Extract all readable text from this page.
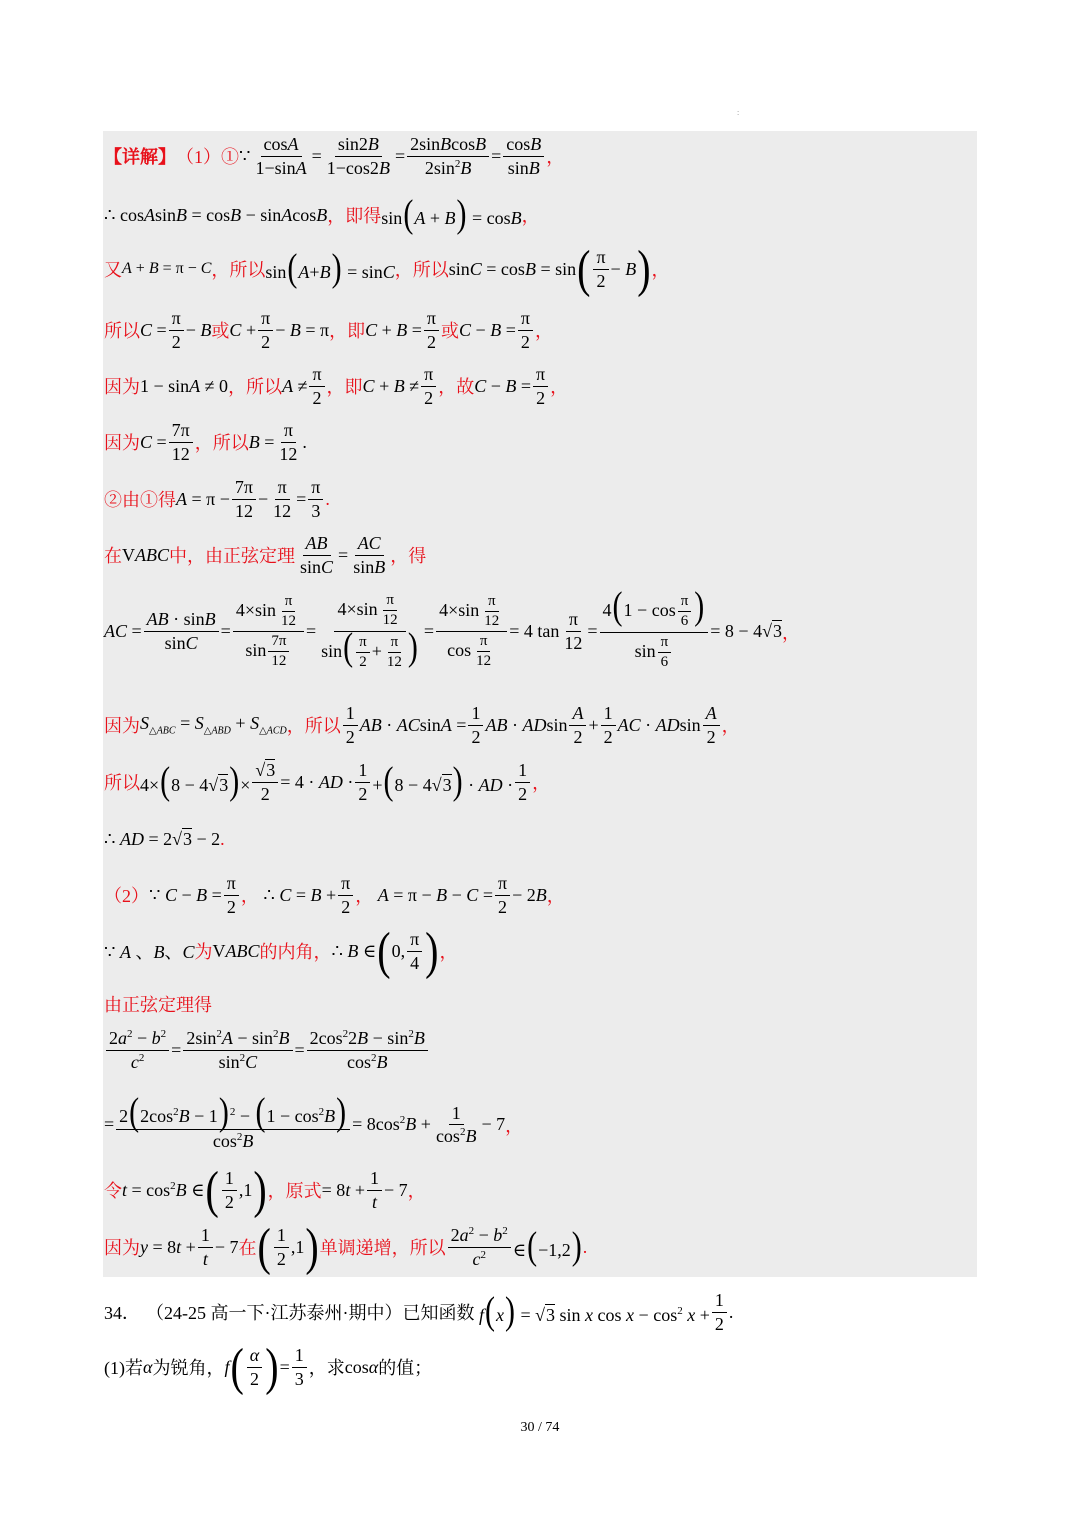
:
【详解】 （1）① ∵ $\frac{\cos A}{1-\sin A} = \frac{\sin 2B}{1-\cos 2B} = \frac{\text{2sinBcosB}}{2\sin^2B} = \frac{\cos B}{\sin B}$ ，
∴ cosAsinB = cosB − sinAcosB ， 即得 sin(A + B) = cosB ，
又 A + B = π − C ，所以 sin(A+B) = sinC ，所以 sinC = cosB = sin ( $\frac{\pi}{2} - B$ ) ，
所以 $C = \frac{\pi}{2} - B$ 或 $C + \frac{\pi}{2} - B = \pi$ ，即 $C + B = \frac{\pi}{2}$ 或 $C - B = \frac{\pi}{2}$ ，
因为 1 − sinA ≠ 0 ，所以 $A \ne \frac{\pi}{2}$ ，即 $C + B \ne \frac{\pi}{2}$ ，故 $C - B = \frac{\pi}{2}$ ，
因为 $C = \frac{7\pi}{12}$ ，所以 $B = \frac{\pi}{12}$ .
②由①得 $A = \pi - \frac{7\pi}{12} - \frac{\pi}{12} = \frac{\pi}{3}$ .
在 VABC 中，由正弦定理 $\frac{AB}{\sin C} = \frac{AC}{\sin B}$ ，得
AC = $\frac{AB \cdot \sin B}{\sin C} = \frac{4\times\sin \frac{\pi}{12}}{\sin \frac{7\pi}{12}} = \frac{4\times\sin \frac{\pi}{12}}{\sin( \frac{\pi}{2} + \frac{\pi}{12} )} = \frac{4\times\sin \frac{\pi}{12}}{\cos \frac{\pi}{12}} = 4$ $\tan \frac{\pi}{12} = \frac{4(1 - \cos \frac{\pi}{6} )}{\sin \frac{\pi}{6}} = 8 - 4√3$ ，
因为 $S_{\triangle ABC} = S_{\triangle ABD} + S_{\triangle ACD}$ ，所以 $\frac{1}{2}$ AB · $ACsinA = \frac{1}{2}$ AB · ADsin $\frac{A}{2} + \frac{1}{2}$ AC · ADsin $\frac{A}{2}$ ，
所以 $4\times(8 - 4√3)\times \frac{√3}{2} = 4$ · AD · $\frac{1}{2} +(8 - 4√3)$ · AD · $\frac{1}{2}$ ，
∴ AD = 2√3 − 2 .
（2） ∵ $C - B = \frac{\pi}{2}$ ， ∴ $C = B + \frac{\pi}{2}$ ， $A = \pi - B - C = \frac{\pi}{2} - 2B$ ，
∵ A 、B、C 为 VABC 的内角， ∴ B ∈ ( 0, $\frac{\pi}{4}$ ) ，
由正弦定理得
$\frac{2a^2 - b^2}{c^2} = \frac{2\sin^2A - \sin^2B}{\sin^2C} = \frac{2\cos^22B - \sin^2B}{\cos^2B}$
= $\frac{2(2\cos^2B - 1)^2 - (1 - \cos^2B)}{\cos^2B} = 8\cos^2B + \frac{1}{\cos^2B} - 7$ ，
令 $t = \cos^2B$ ∈ ( $\frac{1}{2} ,1$ ) ，原式 = $8t + \frac{1}{t} - 7$ ，
因为 $y = 8t + \frac{1}{t} - 7$ 在 ( $\frac{1}{2} ,1$ ) 单调递增，所以 $\frac{2a^2 - b^2}{c^2}$ ∈(−1,2) .
34． （24-25 高一下·江苏泰州·期中）已知函数 f(x) = √3 sin x $\cos x - \cos^2 x + \frac{1}{2}$ .
(1)若 α 为锐角， f ( $\frac{\alpha}{2}$ ) = $\frac{1}{3}$ ，求 cosα 的值；
30 / 74
